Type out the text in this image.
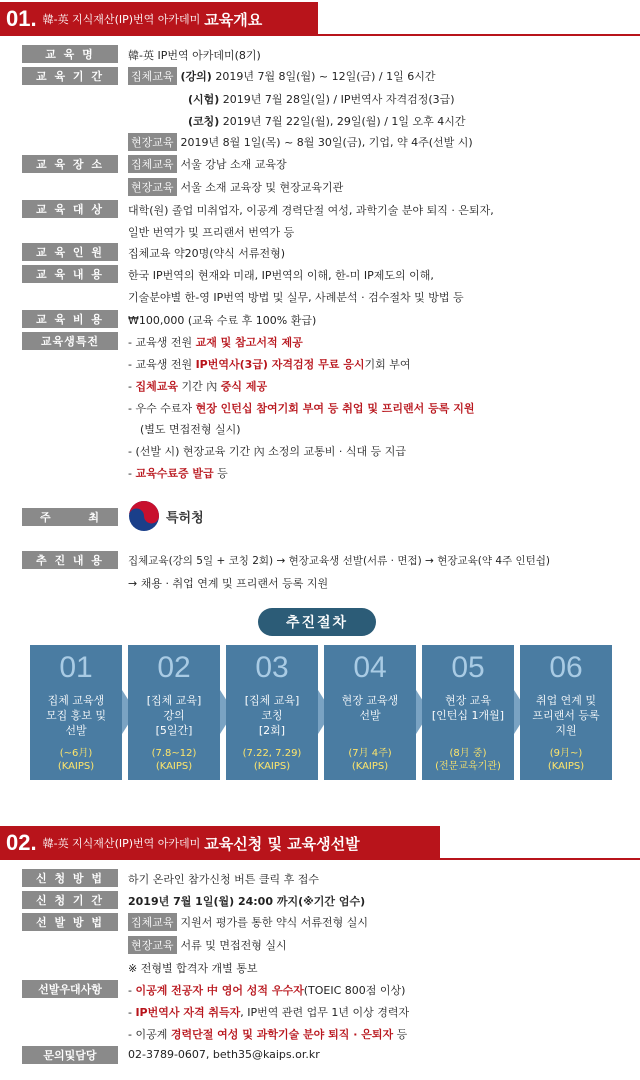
01. 韓-英 지식재산(IP)번역 아카데미 교육개요
교 육 명	韓-英 IP번역 아카데미(8기)
교 육 기 간	집체교육 (강의) 2019년 7월 8일(월) ~ 12일(금) / 1일 6시간
(시험) 2019년 7월 28일(일) / IP번역사 자격검정(3급)
(코칭) 2019년 7월 22일(월), 29일(월) / 1일 오후 4시간
현장교육 2019년 8월 1일(목) ~ 8월 30일(금), 기업, 약 4주(선발 시)
교 육 장 소	집체교육 서울 강남 소재 교육장
현장교육 서울 소재 교육장 및 현장교육기관
교 육 대 상	대학(원) 졸업 미취업자, 이공계 경력단절 여성, 과학기술 분야 퇴직 · 은퇴자,
일반 번역가 및 프리랜서 번역가 등
교 육 인 원	집체교육 약20명(약식 서류전형)
교 육 내 용	한국 IP번역의 현재와 미래, IP번역의 이해, 한-미 IP제도의 이해,
기술분야별 한-영 IP번역 방법 및 실무, 사례분석 · 검수절차 및 방법 등
교 육 비 용	₩100,000 (교육 수료 후 100% 환급)
교육생특전	- 교육생 전원 교재 및 참고서적 제공
- 교육생 전원 IP번역사(3급) 자격검정 무료 응시기회 부여
- 집체교육 기간 內 중식 제공
- 우수 수료자 현장 인턴십 참여기회 부여 등 취업 및 프리랜서 등록 지원
(별도 면접전형 실시)
- (선발 시) 현장교육 기간 內 소정의 교통비 · 식대 등 지급
- 교육수료증 발급 등
주	최	특허청
추 진 내 용	집체교육(강의 5일 + 코칭 2회) → 현장교육생 선발(서류 · 면접) → 현장교육(약 4주 인턴쉽)
→ 채용 · 취업 연계 및 프리랜서 등록 지원
추진절차
01
집체 교육생
모집 홍보 및
선발
(~6月)
(KAIPS)
02
[집체 교육]
강의
[5일간]
(7.8~12)
(KAIPS)
03
[집체 교육]
코칭
[2회]
(7.22, 7.29)
(KAIPS)
04
현장 교육생
선발
(7月 4주)
(KAIPS)
05
현장 교육
[인턴십 1개월]
(8月 중)
(전문교육기관)
06
취업 연계 및
프리랜서 등록
지원
(9月~)
(KAIPS)
02. 韓-英 지식재산(IP)번역 아카데미 교육신청 및 교육생선발
신 청 방 법	하기 온라인 참가신청 버튼 클릭 후 접수
신 청 기 간	2019년 7월 1일(월) 24:00 까지(※기간 엄수)
선 발 방 법	집체교육 지원서 평가를 통한 약식 서류전형 실시
현장교육 서류 및 면접전형 실시
※ 전형별 합격자 개별 통보
선발우대사항	- 이공계 전공자 中 영어 성적 우수자(TOEIC 800점 이상)
- IP번역사 자격 취득자, IP번역 관련 업무 1년 이상 경력자
- 이공계 경력단절 여성 및 과학기술 분야 퇴직 · 은퇴자 등
문의및담당	02-3789-0607, beth35@kaips.or.kr
